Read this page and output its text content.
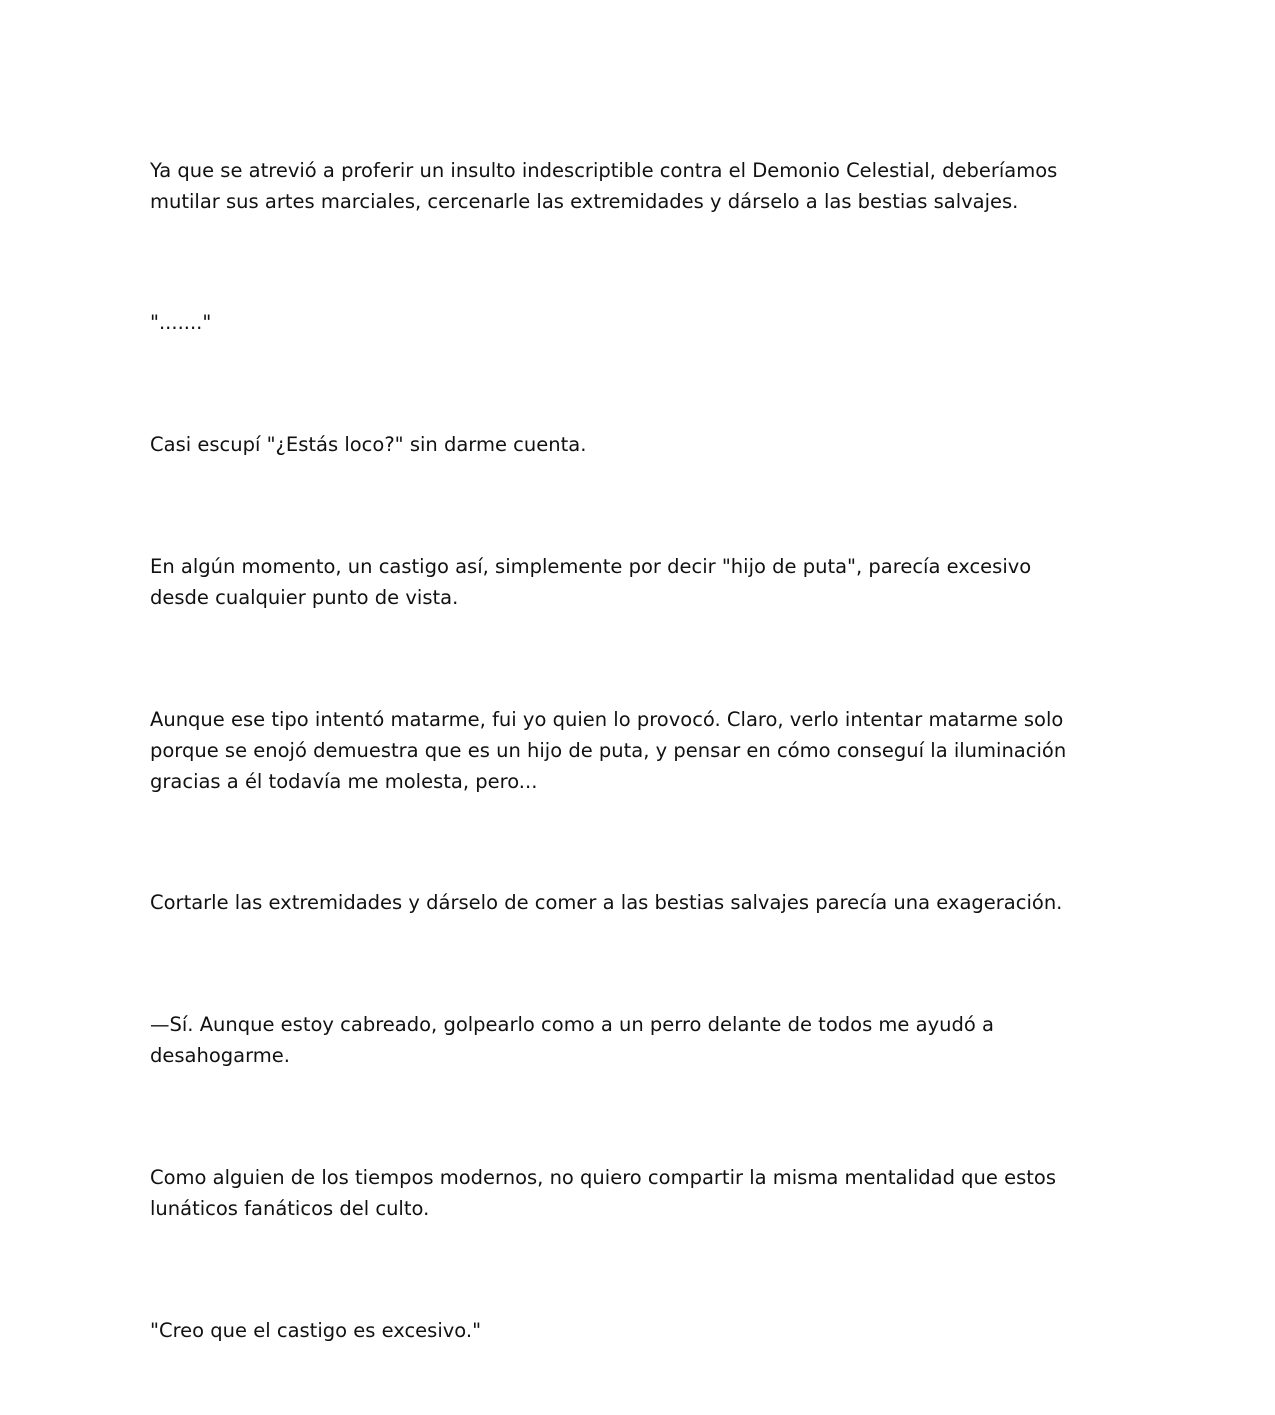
Ya que se atrevió a proferir un insulto indescriptible contra el Demonio Celestial, deberíamos
mutilar sus artes marciales, cercenarle las extremidades y dárselo a las bestias salvajes.

"......."

Casi escupí "¿Estás loco?" sin darme cuenta.

En algún momento, un castigo así, simplemente por decir "hijo de puta", parecía excesivo
desde cualquier punto de vista.

Aunque ese tipo intentó matarme, fui yo quien lo provocó. Claro, verlo intentar matarme solo
porque se enojó demuestra que es un hijo de puta, y pensar en cómo conseguí la iluminación
gracias a él todavía me molesta, pero...

Cortarle las extremidades y dárselo de comer a las bestias salvajes parecía una exageración.

—Sí. Aunque estoy cabreado, golpearlo como a un perro delante de todos me ayudó a
desahogarme.

Como alguien de los tiempos modernos, no quiero compartir la misma mentalidad que estos
lunáticos fanáticos del culto.

"Creo que el castigo es excesivo."
